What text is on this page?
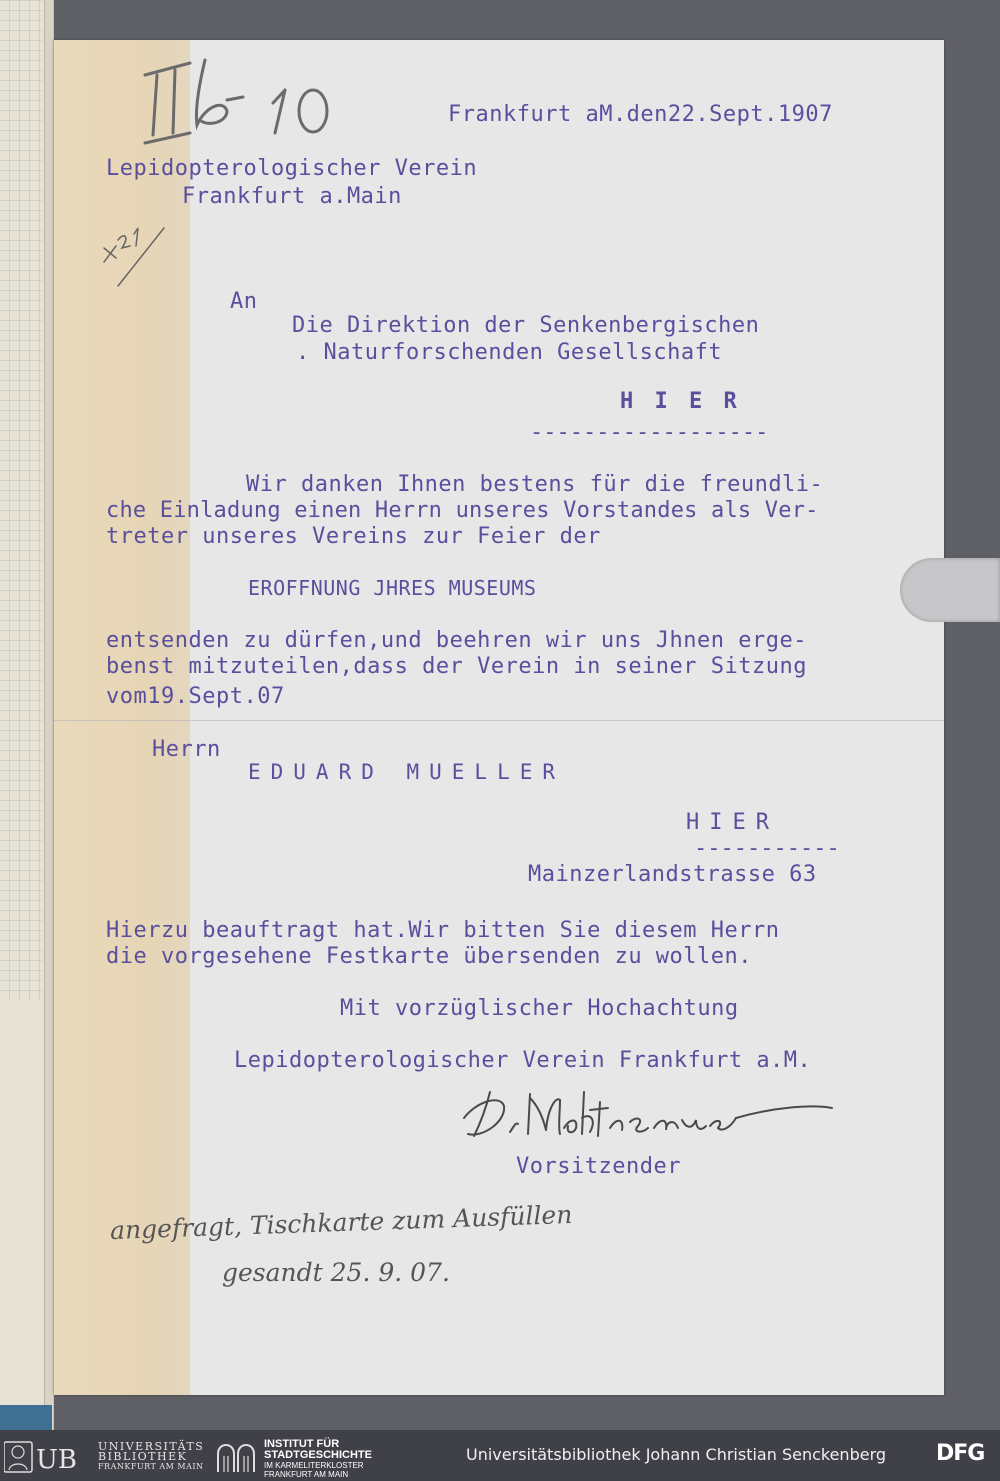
II b 10
Frankfurt aM.den22.Sept.1907
Lepidopterologischer Verein
Frankfurt a.Main
An
Die Direktion der Senkenbergischen
. Naturforschenden Gesellschaft
H I E R
------------------
Wir danken Ihnen bestens für die freundli-
che Einladung einen Herrn unseres Vorstandes als Ver-
treter unseres Vereins zur Feier der
EROFFNUNG JHRES MUSEUMS
entsenden zu dürfen,und beehren wir uns Jhnen erge-
benst mitzuteilen,dass der Verein in seiner Sitzung
vom19.Sept.07
Herrn
EDUARD MUELLER
HIER
-----------
Mainzerlandstrasse 63
Hierzu beauftragt hat.Wir bitten Sie diesem Herrn
die vorgesehene Festkarte übersenden zu wollen.
Mit vorzüglischer Hochachtung
Lepidopterologischer Verein Frankfurt a.M.
Vorsitzender
angefragt, Tischkarte zum Ausfüllen
gesandt 25. 9. 07.
UB UNIVERSITÄTS
BIBLIOTHEK
FRANKFURT AM MAIN
INSTITUT FÜR
STADTGESCHICHTE
IM KARMELITERKLOSTER
FRANKFURT AM MAIN
Universitätsbibliothek Johann Christian Senckenberg DFG
